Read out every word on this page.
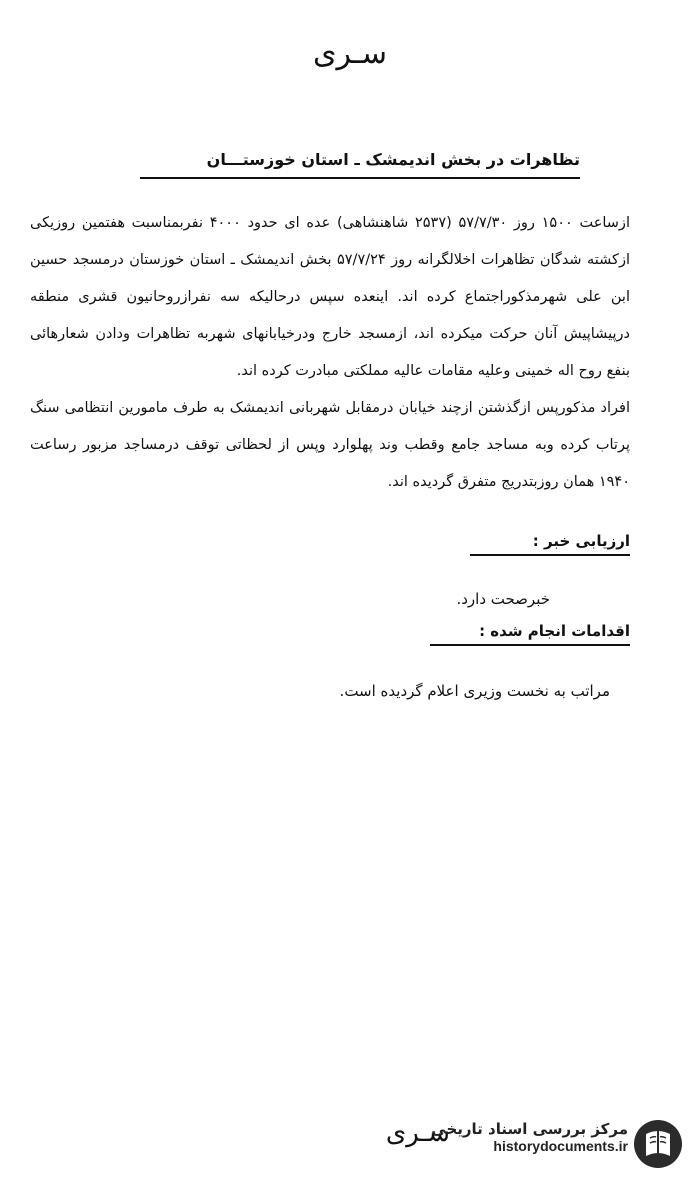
سـری
تظاهرات در بخش اندیمشک ـ استان خوزستـــان

ازساعت ۱۵۰۰ روز ۵۷/۷/۳۰ (۲۵۳۷ شاهنشاهی) عده ای حدود ۴۰۰۰ نفربمناسبت هفتمین روزیکی ازکشته شدگان تظاهرات اخلالگرانه روز ۵۷/۷/۲۴ بخش اندیمشک ـ استان خوزستان درمسجد حسین ابن علی شهرمذکوراجتماع کرده اند. اینعده سپس درحالیکه سه نفرازروحانیون قشری منطقه درپیشاپیش آنان حرکت میکرده اند، ازمسجد خارج ودرخیابانهای شهربه تظاهرات ودادن شعارهائی بنفع روح اله خمینی وعلیه مقامات عالیه مملکتی مبادرت کرده اند.

افراد مذکورپس ازگذشتن ازچند خیابان درمقابل شهربانی اندیمشک به طرف مامورین انتظامی سنگ پرتاب کرده وبه مساجد جامع وقطب وند پهلوارد وپس از لحظاتی توقف درمساجد مزبور رساعت ۱۹۴۰ همان روزبتدریج متفرق گردیده اند.

ارزیابی خبر :
خبرصحت دارد.
اقدامات انجام شده :
مراتب به نخست وزیری اعلام گردیده است.
سـری
مرکز بررسی اسناد تاریخی
historydocuments.ir
